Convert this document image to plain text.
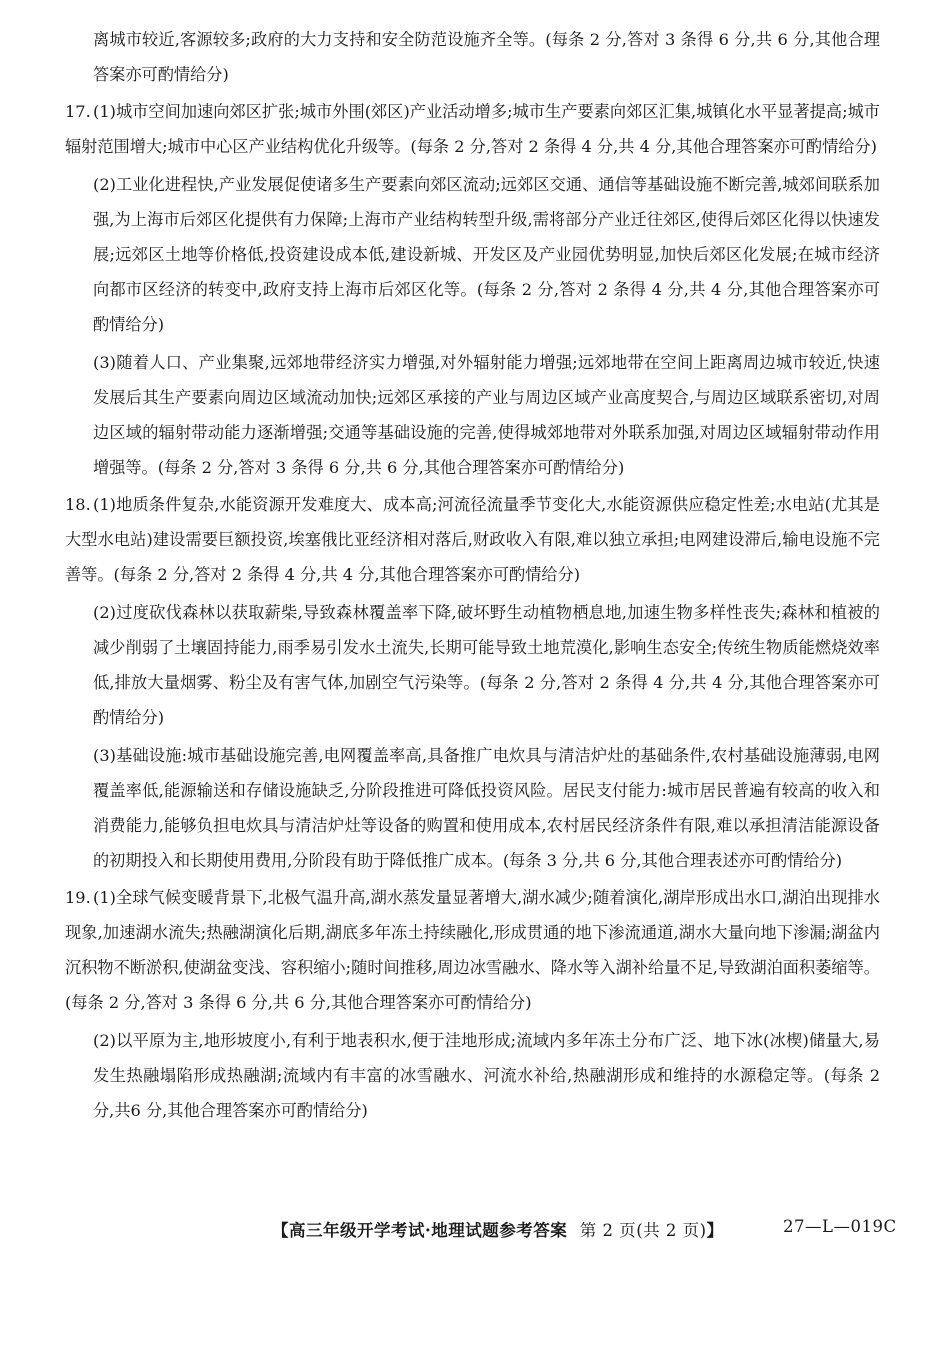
离城市较近,客源较多;政府的大力支持和安全防范设施齐全等。(每条 2 分,答对 3 条得 6 分,共 6 分,其他合理答案亦可酌情给分)

17. (1)城市空间加速向郊区扩张;城市外围(郊区)产业活动增多;城市生产要素向郊区汇集,城镇化水平显著提高;城市辐射范围增大;城市中心区产业结构优化升级等。(每条 2 分,答对 2 条得 4 分,共 4 分,其他合理答案亦可酌情给分)

(2)工业化进程快,产业发展促使诸多生产要素向郊区流动;远郊区交通、通信等基础设施不断完善,城郊间联系加强,为上海市后郊区化提供有力保障;上海市产业结构转型升级,需将部分产业迁往郊区,使得后郊区化得以快速发展;远郊区土地等价格低,投资建设成本低,建设新城、开发区及产业园优势明显,加快后郊区化发展;在城市经济向都市区经济的转变中,政府支持上海市后郊区化等。(每条 2 分,答对 2 条得 4 分,共 4 分,其他合理答案亦可酌情给分)

(3)随着人口、产业集聚,远郊地带经济实力增强,对外辐射能力增强;远郊地带在空间上距离周边城市较近,快速发展后其生产要素向周边区域流动加快;远郊区承接的产业与周边区域产业高度契合,与周边区域联系密切,对周边区域的辐射带动能力逐渐增强;交通等基础设施的完善,使得城郊地带对外联系加强,对周边区域辐射带动作用增强等。(每条 2 分,答对 3 条得 6 分,共 6 分,其他合理答案亦可酌情给分)

18. (1)地质条件复杂,水能资源开发难度大、成本高;河流径流量季节变化大,水能资源供应稳定性差;水电站(尤其是大型水电站)建设需要巨额投资,埃塞俄比亚经济相对落后,财政收入有限,难以独立承担;电网建设滞后,输电设施不完善等。(每条 2 分,答对 2 条得 4 分,共 4 分,其他合理答案亦可酌情给分)

(2)过度砍伐森林以获取薪柴,导致森林覆盖率下降,破坏野生动植物栖息地,加速生物多样性丧失;森林和植被的减少削弱了土壤固持能力,雨季易引发水土流失,长期可能导致土地荒漠化,影响生态安全;传统生物质能燃烧效率低,排放大量烟雾、粉尘及有害气体,加剧空气污染等。(每条 2 分,答对 2 条得 4 分,共 4 分,其他合理答案亦可酌情给分)

(3)基础设施:城市基础设施完善,电网覆盖率高,具备推广电炊具与清洁炉灶的基础条件,农村基础设施薄弱,电网覆盖率低,能源输送和存储设施缺乏,分阶段推进可降低投资风险。居民支付能力:城市居民普遍有较高的收入和消费能力,能够负担电炊具与清洁炉灶等设备的购置和使用成本,农村居民经济条件有限,难以承担清洁能源设备的初期投入和长期使用费用,分阶段有助于降低推广成本。(每条 3 分,共 6 分,其他合理表述亦可酌情给分)

19. (1)全球气候变暖背景下,北极气温升高,湖水蒸发量显著增大,湖水减少;随着演化,湖岸形成出水口,湖泊出现排水现象,加速湖水流失;热融湖演化后期,湖底多年冻土持续融化,形成贯通的地下渗流通道,湖水大量向地下渗漏;湖盆内沉积物不断淤积,使湖盆变浅、容积缩小;随时间推移,周边冰雪融水、降水等入湖补给量不足,导致湖泊面积萎缩等。(每条 2 分,答对 3 条得 6 分,共 6 分,其他合理答案亦可酌情给分)

(2)以平原为主,地形坡度小,有利于地表积水,便于洼地形成;流域内多年冻土分布广泛、地下冰(冰楔)储量大,易发生热融塌陷形成热融湖;流域内有丰富的冰雪融水、河流水补给,热融湖形成和维持的水源稳定等。(每条 2 分,共6 分,其他合理答案亦可酌情给分)

【高三年级开学考试·地理试题参考答案 第 2 页(共 2 页)】	27—L—019C
